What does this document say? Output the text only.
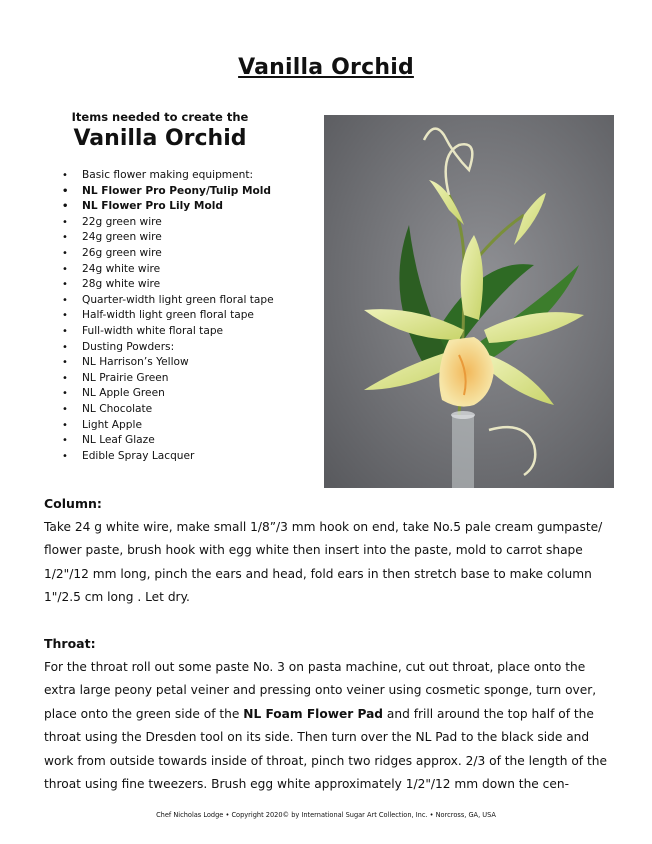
Vanilla Orchid
Items needed to create the
Vanilla Orchid
• Basic flower making equipment:
• NL Flower Pro Peony/Tulip Mold
• NL Flower Pro Lily Mold
• 22g green wire
• 24g green wire
• 26g green wire
• 24g white wire
• 28g white wire
• Quarter-width light green floral tape
• Half-width light green floral tape
• Full-width white floral tape
• Dusting Powders:
• NL Harrison’s Yellow
• NL Prairie Green
• NL Apple Green
• NL Chocolate
• Light Apple
• NL Leaf Glaze
• Edible Spray Lacquer
Column:

Take 24 g white wire, make small 1/8”/3 mm hook on end, take No.5 pale cream gumpaste/ flower paste, brush hook with egg white then insert into the paste, mold to carrot shape 1/2"/12 mm long, pinch the ears and head, fold ears in then stretch base to make column 1"/2.5 cm long . Let dry.

Throat:

For the throat roll out some paste No. 3 on pasta machine, cut out throat, place onto the extra large peony petal veiner and pressing onto veiner using cosmetic sponge, turn over, place onto the green side of the NL Foam Flower Pad and frill around the top half of the throat using the Dresden tool on its side. Then turn over the NL Pad to the black side and work from outside towards inside of throat, pinch two ridges approx. 2/3 of the length of the throat using fine tweezers. Brush egg white approximately 1/2"/12 mm down the cen-

Chef Nicholas Lodge • Copyright 2020© by International Sugar Art Collection, Inc. • Norcross, GA, USA
